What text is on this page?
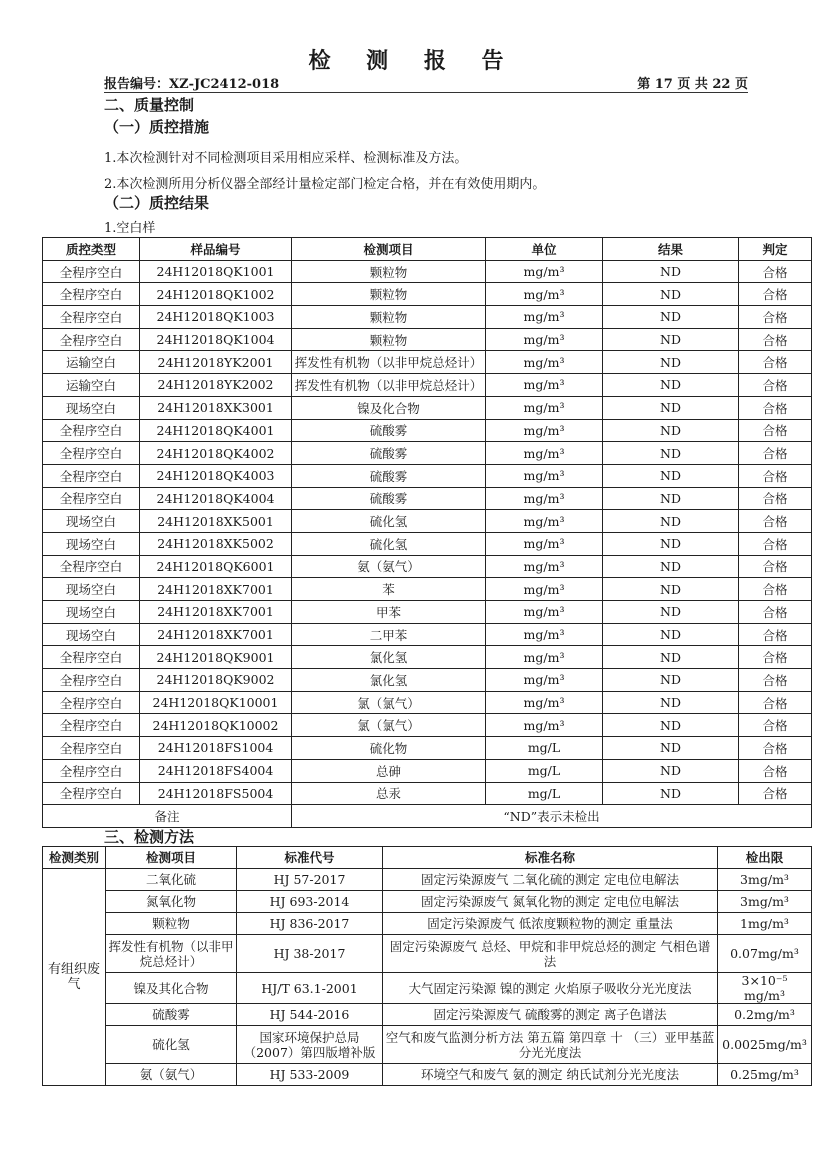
检 测 报 告
报告编号：XZ-JC2412-018	第 17 页 共 22 页
二、质量控制
（一）质控措施
1.本次检测针对不同检测项目采用相应采样、检测标准及方法。
2.本次检测所用分析仪器全部经计量检定部门检定合格，并在有效使用期内。
（二）质控结果
1.空白样
质控类型	样品编号	检测项目	单位	结果	判定
全程序空白	24H12018QK1001	颗粒物	mg/m³	ND	合格
全程序空白	24H12018QK1002	颗粒物	mg/m³	ND	合格
全程序空白	24H12018QK1003	颗粒物	mg/m³	ND	合格
全程序空白	24H12018QK1004	颗粒物	mg/m³	ND	合格
运输空白	24H12018YK2001	挥发性有机物（以非甲烷总烃计）	mg/m³	ND	合格
运输空白	24H12018YK2002	挥发性有机物（以非甲烷总烃计）	mg/m³	ND	合格
现场空白	24H12018XK3001	镍及化合物	mg/m³	ND	合格
全程序空白	24H12018QK4001	硫酸雾	mg/m³	ND	合格
全程序空白	24H12018QK4002	硫酸雾	mg/m³	ND	合格
全程序空白	24H12018QK4003	硫酸雾	mg/m³	ND	合格
全程序空白	24H12018QK4004	硫酸雾	mg/m³	ND	合格
现场空白	24H12018XK5001	硫化氢	mg/m³	ND	合格
现场空白	24H12018XK5002	硫化氢	mg/m³	ND	合格
全程序空白	24H12018QK6001	氨（氨气）	mg/m³	ND	合格
现场空白	24H12018XK7001	苯	mg/m³	ND	合格
现场空白	24H12018XK7001	甲苯	mg/m³	ND	合格
现场空白	24H12018XK7001	二甲苯	mg/m³	ND	合格
全程序空白	24H12018QK9001	氯化氢	mg/m³	ND	合格
全程序空白	24H12018QK9002	氯化氢	mg/m³	ND	合格
全程序空白	24H12018QK10001	氯（氯气）	mg/m³	ND	合格
全程序空白	24H12018QK10002	氯（氯气）	mg/m³	ND	合格
全程序空白	24H12018FS1004	硫化物	mg/L	ND	合格
全程序空白	24H12018FS4004	总砷	mg/L	ND	合格
全程序空白	24H12018FS5004	总汞	mg/L	ND	合格
备注		“ND”表示未检出			
三、检测方法
检测类别	检测项目	标准代号	标准名称	检出限
有组织废气	二氧化硫	HJ 57-2017	固定污染源废气 二氧化硫的测定 定电位电解法	3mg/m³
	氮氧化物	HJ 693-2014	固定污染源废气 氮氧化物的测定 定电位电解法	3mg/m³
	颗粒物	HJ 836-2017	固定污染源废气 低浓度颗粒物的测定 重量法	1mg/m³
	挥发性有机物（以非甲烷总烃计）	HJ 38-2017	固定污染源废气 总烃、甲烷和非甲烷总烃的测定 气相色谱法	0.07mg/m³
	镍及其化合物	HJ/T 63.1-2001	大气固定污染源 镍的测定 火焰原子吸收分光光度法	3×10⁻⁵ mg/m³
	硫酸雾	HJ 544-2016	固定污染源废气 硫酸雾的测定 离子色谱法	0.2mg/m³
	硫化氢	国家环境保护总局（2007）第四版增补版	空气和废气监测分析方法 第五篇 第四章 十 （三）亚甲基蓝分光光度法	0.0025mg/m³
	氨（氨气）	HJ 533-2009	环境空气和废气 氨的测定 纳氏试剂分光光度法	0.25mg/m³
